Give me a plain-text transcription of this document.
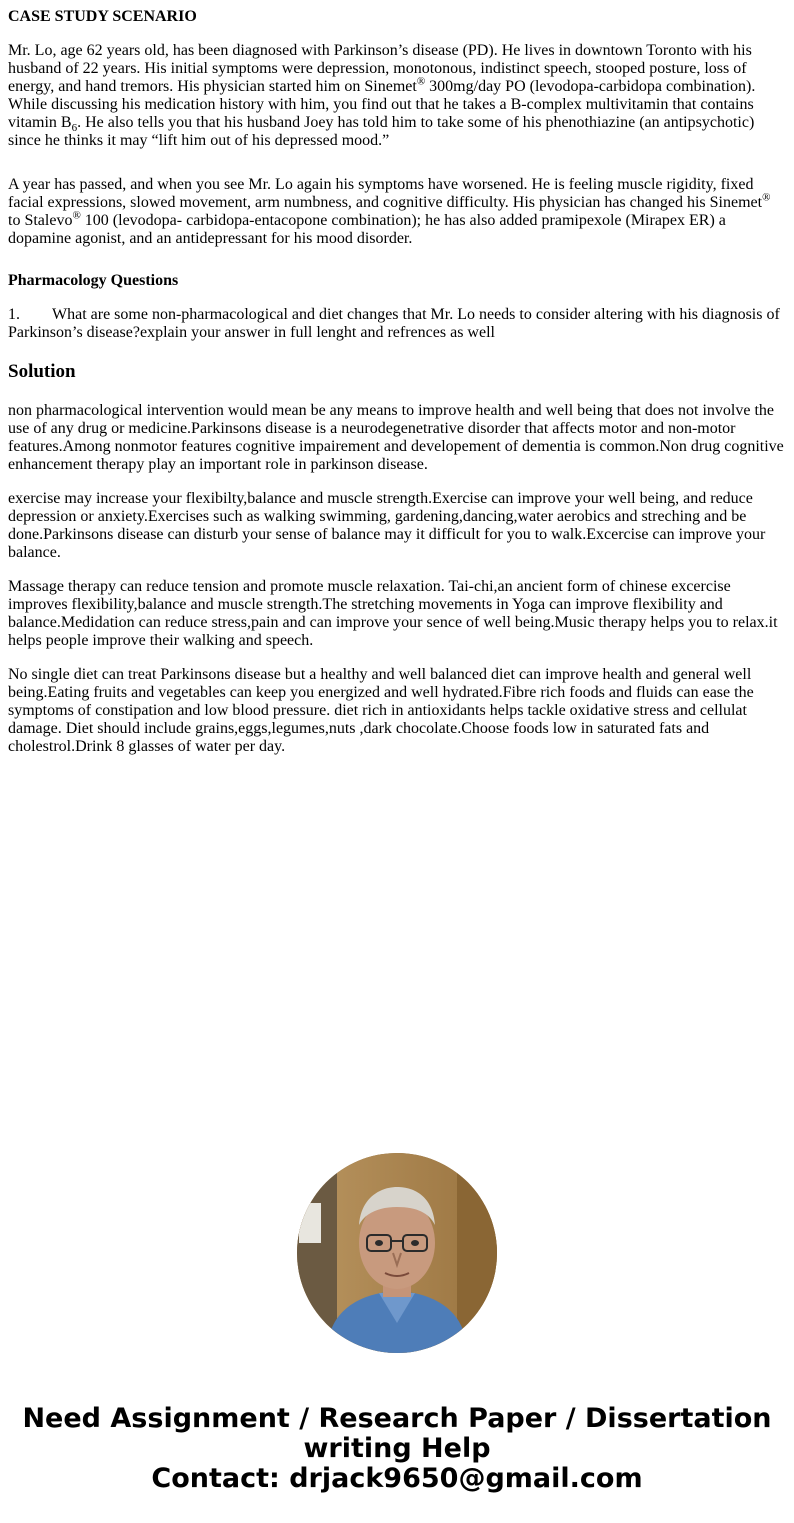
CASE STUDY SCENARIO

Mr. Lo, age 62 years old, has been diagnosed with Parkinson’s disease (PD). He lives in downtown Toronto with his husband of 22 years. His initial symptoms were depression, monotonous, indistinct speech, stooped posture, loss of energy, and hand tremors. His physician started him on Sinemet® 300mg/day PO (levodopa-carbidopa combination). While discussing his medication history with him, you find out that he takes a B-complex multivitamin that contains vitamin $B_6$. He also tells you that his husband Joey has told him to take some of his phenothiazine (an antipsychotic) since he thinks it may “lift him out of his depressed mood.”

A year has passed, and when you see Mr. Lo again his symptoms have worsened. He is feeling muscle rigidity, fixed facial expressions, slowed movement, arm numbness, and cognitive difficulty. His physician has changed his Sinemet® to Stalevo® 100 (levodopa- carbidopa-entacopone combination); he has also added pramipexole (Mirapex ER) a dopamine agonist, and an antidepressant for his mood disorder.

Pharmacology Questions

1. What are some non-pharmacological and diet changes that Mr. Lo needs to consider altering with his diagnosis of Parkinson’s disease?explain your answer in full lenght and refrences as well

Solution

non pharmacological intervention would mean be any means to improve health and well being that does not involve the use of any drug or medicine.Parkinsons disease is a neurodegenetrative disorder that affects motor and non-motor features.Among nonmotor features cognitive impairement and developement of dementia is common.Non drug cognitive enhancement therapy play an important role in parkinson disease.

exercise may increase your flexibilty,balance and muscle strength.Exercise can improve your well being, and reduce depression or anxiety.Exercises such as walking swimming, gardening,dancing,water aerobics and streching and be done.Parkinsons disease can disturb your sense of balance may it difficult for you to walk.Excercise can improve your balance.

Massage therapy can reduce tension and promote muscle relaxation. Tai-chi,an ancient form of chinese excercise improves flexibility,balance and muscle strength.The stretching movements in Yoga can improve flexibility and balance.Medidation can reduce stress,pain and can improve your sence of well being.Music therapy helps you to relax.it helps people improve their walking and speech.

No single diet can treat Parkinsons disease but a healthy and well balanced diet can improve health and general well being.Eating fruits and vegetables can keep you energized and well hydrated.Fibre rich foods and fluids can ease the symptoms of constipation and low blood pressure. diet rich in antioxidants helps tackle oxidative stress and cellulat damage. Diet should include grains,eggs,legumes,nuts ,dark chocolate.Choose foods low in saturated fats and cholestrol.Drink 8 glasses of water per day.

Need Assignment / Research Paper / Dissertation
writing Help
Contact: drjack9650@gmail.com
